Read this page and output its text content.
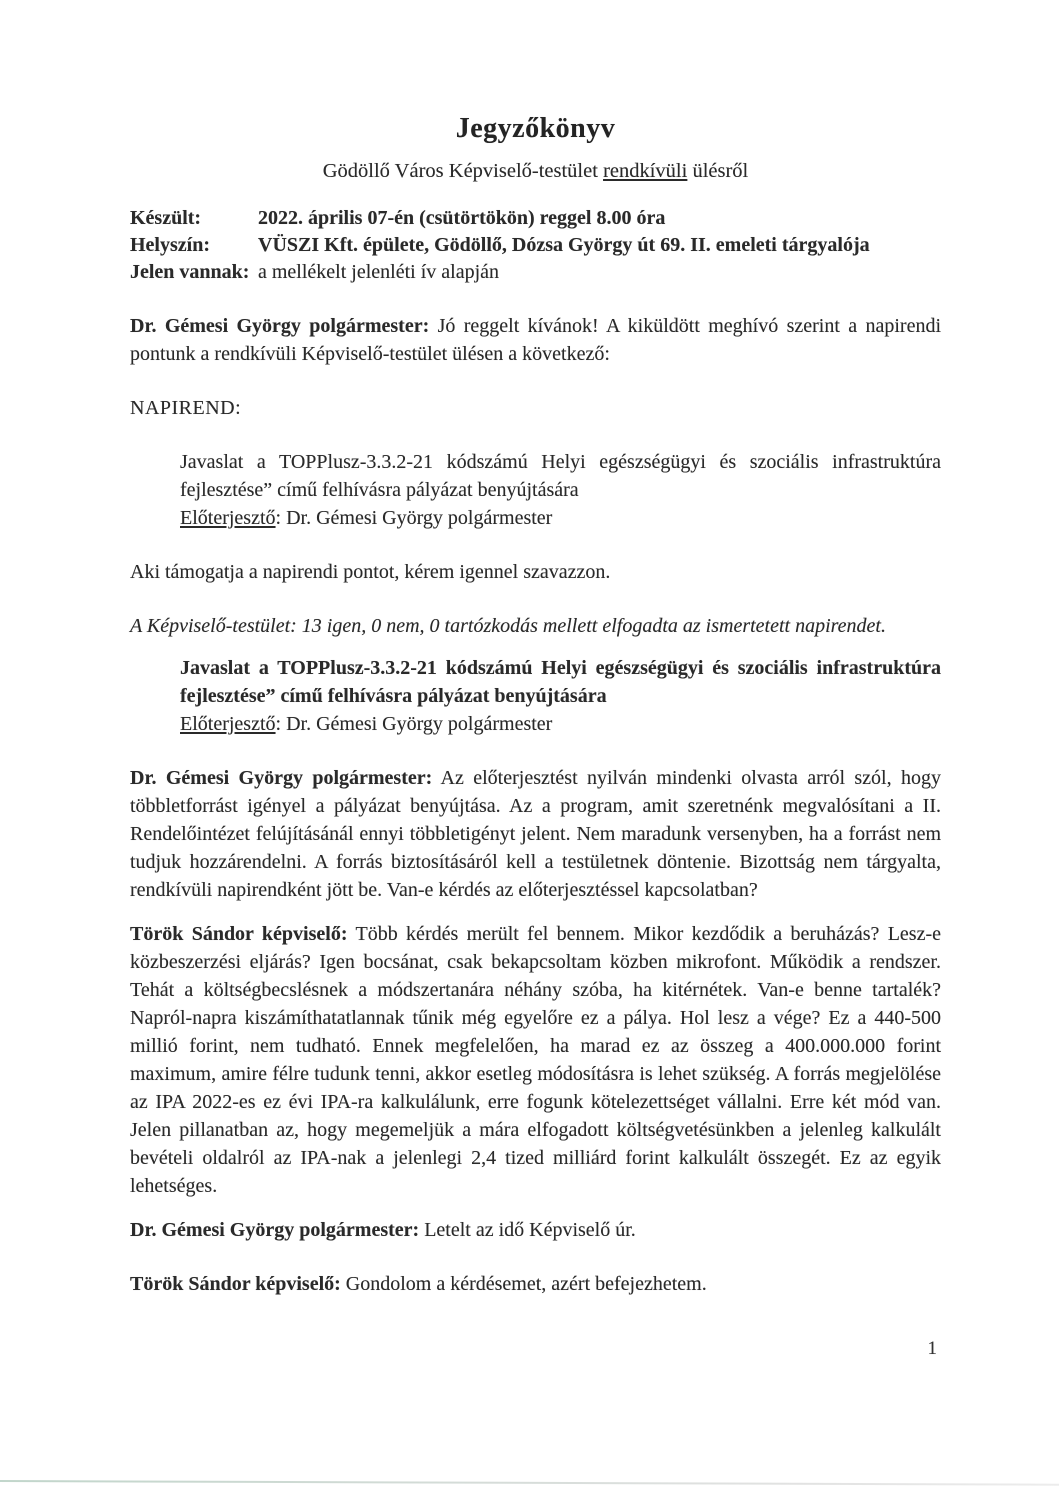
Jegyzőkönyv

Gödöllő Város Képviselő-testület rendkívüli ülésről

Készült:	2022. április 07-én (csütörtökön) reggel 8.00 óra
Helyszín:	VÜSZI Kft. épülete, Gödöllő, Dózsa György út 69. II. emeleti tárgyalója
Jelen vannak: a mellékelt jelenléti ív alapján

Dr. Gémesi György polgármester: Jó reggelt kívánok! A kiküldött meghívó szerint a napirendi pontunk a rendkívüli Képviselő-testület ülésen a következő:

NAPIREND:

Javaslat a TOPPlusz-3.3.2-21 kódszámú Helyi egészségügyi és szociális infrastruktúra fejlesztése” című felhívásra pályázat benyújtására

Előterjesztő: Dr. Gémesi György polgármester

Aki támogatja a napirendi pontot, kérem igennel szavazzon.

A Képviselő-testület: 13 igen, 0 nem, 0 tartózkodás mellett elfogadta az ismertetett napirendet.

Javaslat a TOPPlusz-3.3.2-21 kódszámú Helyi egészségügyi és szociális infrastruktúra fejlesztése” című felhívásra pályázat benyújtására

Előterjesztő: Dr. Gémesi György polgármester

Dr. Gémesi György polgármester: Az előterjesztést nyilván mindenki olvasta arról szól, hogy többletforrást igényel a pályázat benyújtása. Az a program, amit szeretnénk megvalósítani a II. Rendelőintézet felújításánál ennyi többletigényt jelent. Nem maradunk versenyben, ha a forrást nem tudjuk hozzárendelni. A forrás biztosításáról kell a testületnek döntenie. Bizottság nem tárgyalta, rendkívüli napirendként jött be. Van-e kérdés az előterjesztéssel kapcsolatban?

Török Sándor képviselő: Több kérdés merült fel bennem. Mikor kezdődik a beruházás? Lesz-e közbeszerzési eljárás? Igen bocsánat, csak bekapcsoltam közben mikrofont. Működik a rendszer. Tehát a költségbecslésnek a módszertanára néhány szóba, ha kitérnétek. Van-e benne tartalék? Napról-napra kiszámíthatatlannak tűnik még egyelőre ez a pálya. Hol lesz a vége? Ez a 440-500 millió forint, nem tudható. Ennek megfelelően, ha marad ez az összeg a 400.000.000 forint maximum, amire félre tudunk tenni, akkor esetleg módosításra is lehet szükség. A forrás megjelölése az IPA 2022-es ez évi IPA-ra kalkulálunk, erre fogunk kötelezettséget vállalni. Erre két mód van. Jelen pillanatban az, hogy megemeljük a mára elfogadott költségvetésünkben a jelenleg kalkulált bevételi oldalról az IPA-nak a jelenlegi 2,4 tized milliárd forint kalkulált összegét. Ez az egyik lehetséges.

Dr. Gémesi György polgármester: Letelt az idő Képviselő úr.

Török Sándor képviselő: Gondolom a kérdésemet, azért befejezhetem.

1
